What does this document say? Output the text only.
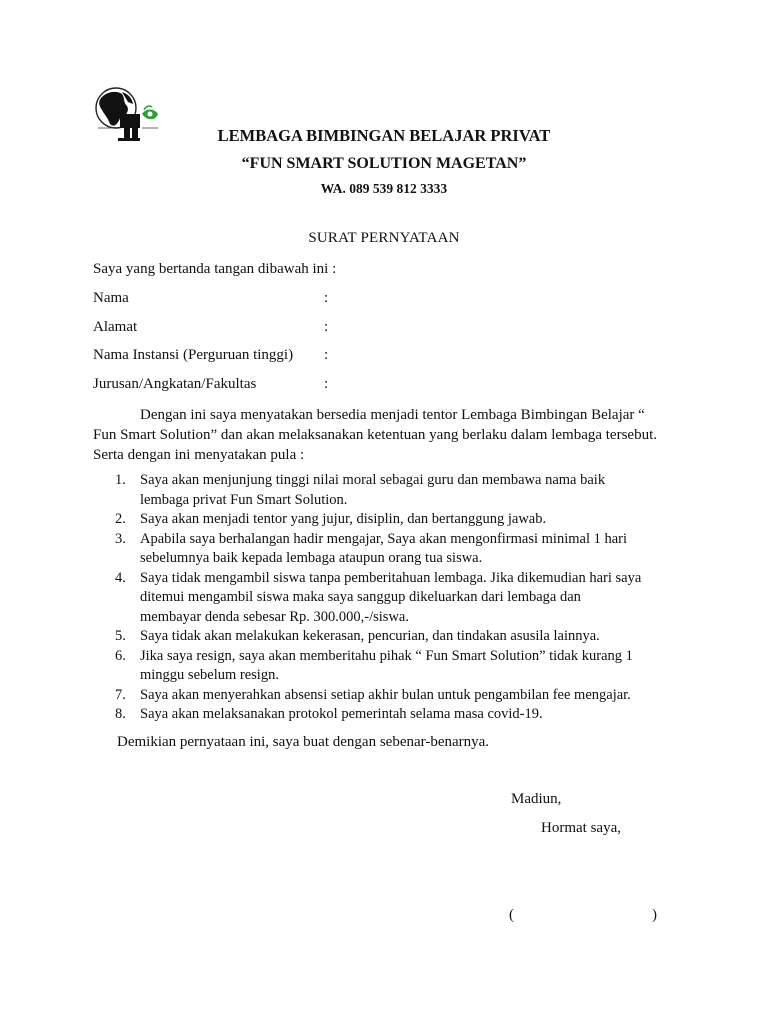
LEMBAGA BIMBINGAN BELAJAR PRIVAT
“FUN SMART SOLUTION MAGETAN”
WA. 089 539 812 3333
SURAT PERNYATAAN
Saya yang bertanda tangan dibawah ini :
Nama	:
Alamat	:
Nama Instansi (Perguruan tinggi) :
Jurusan/Angkatan/Fakultas	:
Dengan ini saya menyatakan bersedia menjadi tentor Lembaga Bimbingan Belajar “
Fun Smart Solution” dan akan melaksanakan ketentuan yang berlaku dalam lembaga tersebut.
Serta dengan ini menyatakan pula :
1. Saya akan menjunjung tinggi nilai moral sebagai guru dan membawa nama baik
lembaga privat Fun Smart Solution.
2. Saya akan menjadi tentor yang jujur, disiplin, dan bertanggung jawab.
3. Apabila saya berhalangan hadir mengajar, Saya akan mengonfirmasi minimal 1 hari
sebelumnya baik kepada lembaga ataupun orang tua siswa.
4. Saya tidak mengambil siswa tanpa pemberitahuan lembaga. Jika dikemudian hari saya
ditemui mengambil siswa maka saya sanggup dikeluarkan dari lembaga dan
membayar denda sebesar Rp. 300.000,-/siswa.
5. Saya tidak akan melakukan kekerasan, pencurian, dan tindakan asusila lainnya.
6. Jika saya resign, saya akan memberitahu pihak “ Fun Smart Solution” tidak kurang 1
minggu sebelum resign.
7. Saya akan menyerahkan absensi setiap akhir bulan untuk pengambilan fee mengajar.
8. Saya akan melaksanakan protokol pemerintah selama masa covid-19.
Demikian pernyataan ini, saya buat dengan sebenar-benarnya.
Madiun,
Hormat saya,
(	)
